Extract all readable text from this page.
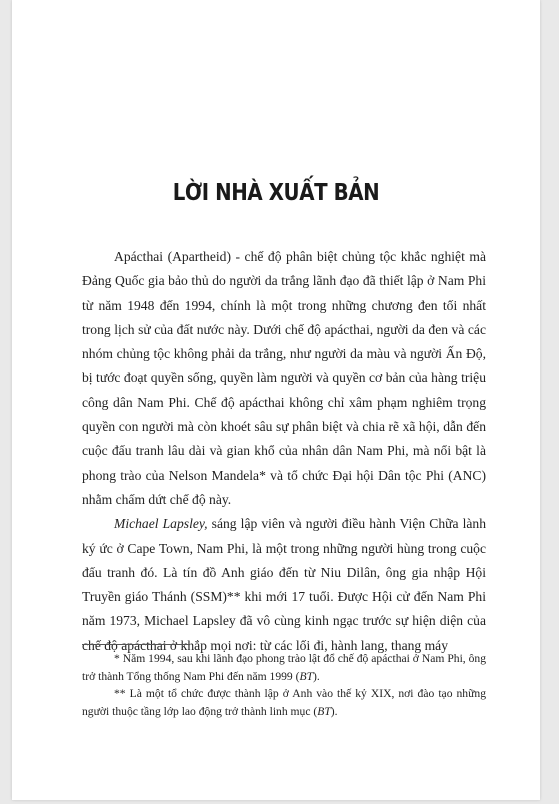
LỜI NHÀ XUẤT BẢN

Apácthai (Apartheid) - chế độ phân biệt chủng tộc khắc nghiệt mà Đảng Quốc gia bảo thủ do người da trắng lãnh đạo đã thiết lập ở Nam Phi từ năm 1948 đến 1994, chính là một trong những chương đen tối nhất trong lịch sử của đất nước này. Dưới chế độ apácthai, người da đen và các nhóm chủng tộc không phải da trắng, như người da màu và người Ấn Độ, bị tước đoạt quyền sống, quyền làm người và quyền cơ bản của hàng triệu công dân Nam Phi. Chế độ apácthai không chỉ xâm phạm nghiêm trọng quyền con người mà còn khoét sâu sự phân biệt và chia rẽ xã hội, dẫn đến cuộc đấu tranh lâu dài và gian khổ của nhân dân Nam Phi, mà nổi bật là phong trào của Nelson Mandela* và tổ chức Đại hội Dân tộc Phi (ANC) nhằm chấm dứt chế độ này.

Michael Lapsley, sáng lập viên và người điều hành Viện Chữa lành ký ức ở Cape Town, Nam Phi, là một trong những người hùng trong cuộc đấu tranh đó. Là tín đồ Anh giáo đến từ Niu Dilân, ông gia nhập Hội Truyền giáo Thánh (SSM)** khi mới 17 tuổi. Được Hội cử đến Nam Phi năm 1973, Michael Lapsley đã vô cùng kinh ngạc trước sự hiện diện của chế độ apácthai ở khắp mọi nơi: từ các lối đi, hành lang, thang máy

* Năm 1994, sau khi lãnh đạo phong trào lật đổ chế độ apácthai ở Nam Phi, ông trở thành Tổng thống Nam Phi đến năm 1999 (BT).

** Là một tổ chức được thành lập ở Anh vào thế kỷ XIX, nơi đào tạo những người thuộc tầng lớp lao động trở thành linh mục (BT).
